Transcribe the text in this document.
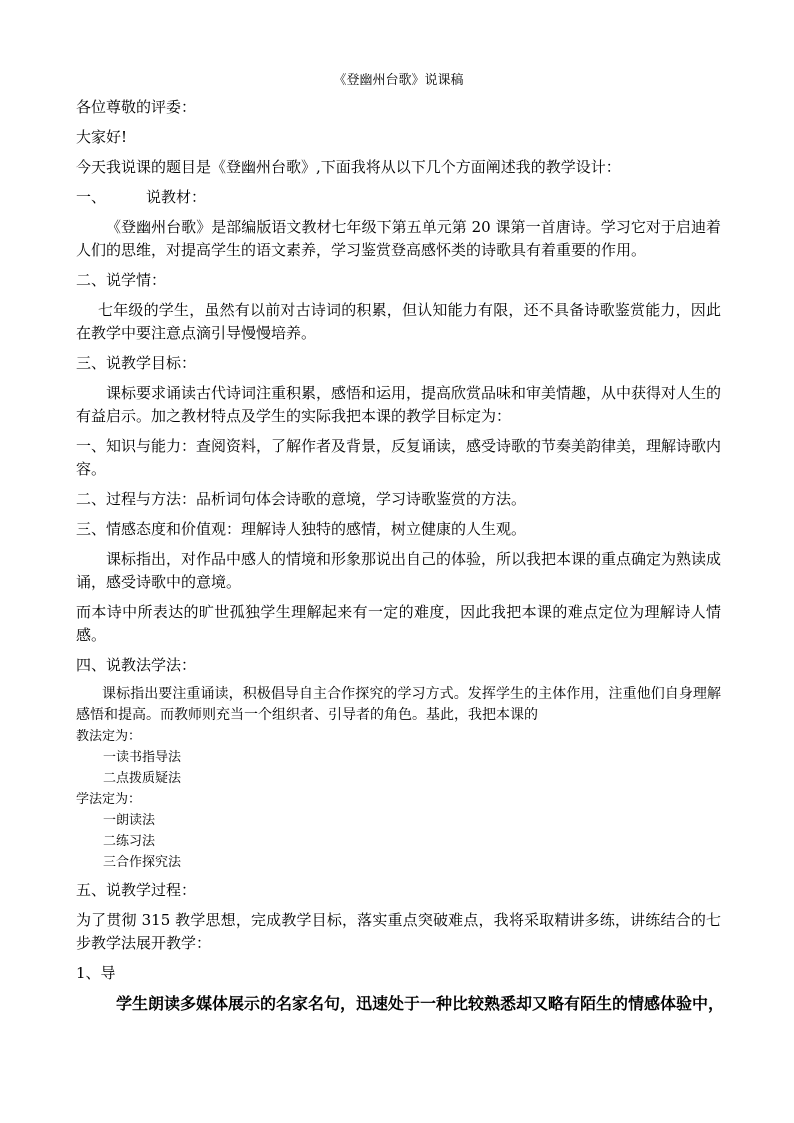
《登幽州台歌》说课稿

各位尊敬的评委：

大家好!

今天我说课的题目是《登幽州台歌》,下面我将从以下几个方面阐述我的教学设计：

一、	说教材：

《登幽州台歌》是部编版语文教材七年级下第五单元第 20 课第一首唐诗。学习它对于启迪着人们的思维，对提高学生的语文素养，学习鉴赏登高感怀类的诗歌具有着重要的作用。

二、说学情：

七年级的学生，虽然有以前对古诗词的积累，但认知能力有限，还不具备诗歌鉴赏能力，因此在教学中要注意点滴引导慢慢培养。

三、说教学目标：

课标要求诵读古代诗词注重积累，感悟和运用，提高欣赏品味和审美情趣，从中获得对人生的有益启示。加之教材特点及学生的实际我把本课的教学目标定为：

一、知识与能力：查阅资料，了解作者及背景，反复诵读，感受诗歌的节奏美韵律美，理解诗歌内容。

二、过程与方法：品析词句体会诗歌的意境，学习诗歌鉴赏的方法。

三、情感态度和价值观：理解诗人独特的感情，树立健康的人生观。

课标指出，对作品中感人的情境和形象那说出自己的体验，所以我把本课的重点确定为熟读成诵，感受诗歌中的意境。

而本诗中所表达的旷世孤独学生理解起来有一定的难度，因此我把本课的难点定位为理解诗人情感。

四、说教法学法：

课标指出要注重诵读，积极倡导自主合作探究的学习方式。发挥学生的主体作用，注重他们自身理解感悟和提高。而教师则充当一个组织者、引导者的角色。基此，我把本课的

教法定为：

一读书指导法

二点拨质疑法

学法定为：

一朗读法

二练习法

三合作探究法

五、说教学过程：

为了贯彻 315 教学思想，完成教学目标，落实重点突破难点，我将采取精讲多练，讲练结合的七步教学法展开教学：

1、导

学生朗读多媒体展示的名家名句，迅速处于一种比较熟悉却又略有陌生的情感体验中，
